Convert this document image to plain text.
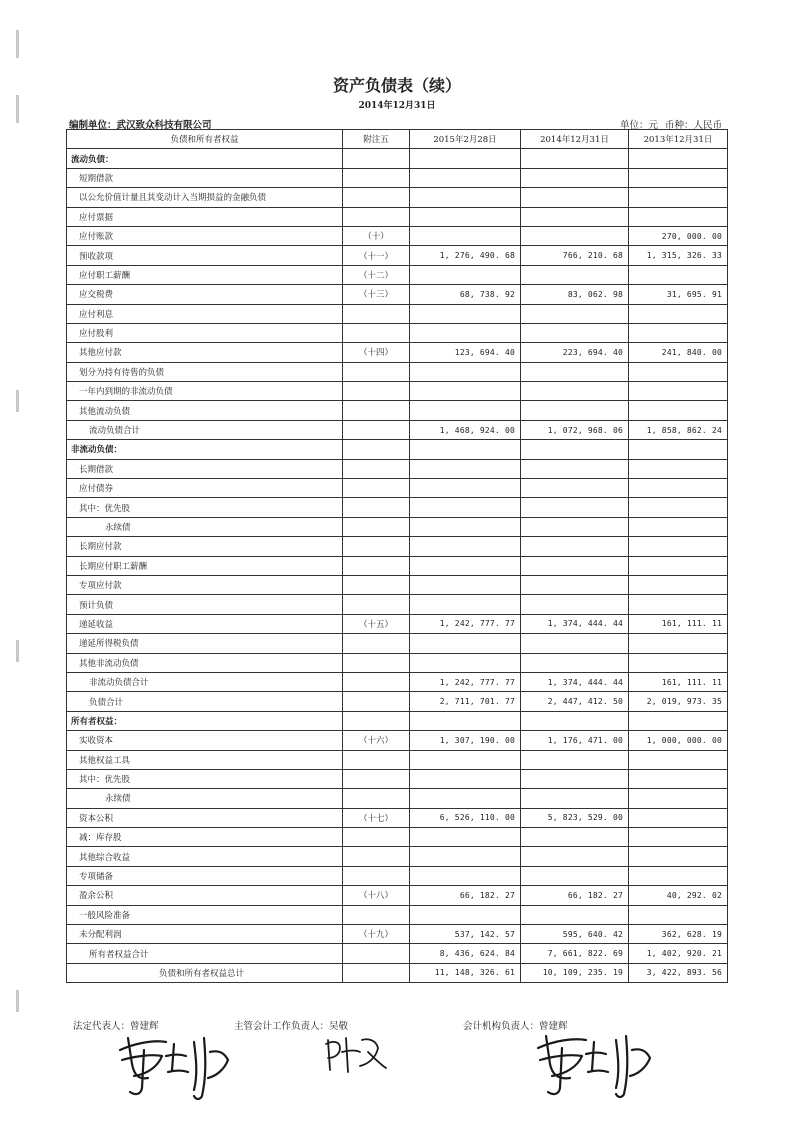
资产负债表（续）
2014年12月31日
编制单位：武汉致众科技有限公司	单位：元 币种：人民币
负债和所有者权益	附注五	2015年2月28日	2014年12月31日	2013年12月31日
流动负债：				
短期借款				
以公允价值计量且其变动计入当期损益的金融负债				
应付票据				
应付账款	（十）			270, 000. 00
预收款项	（十一）	1, 276, 490. 68	766, 210. 68	1, 315, 326. 33
应付职工薪酬	（十二）			
应交税费	（十三）	68, 738. 92	83, 062. 98	31, 695. 91
应付利息				
应付股利				
其他应付款	（十四）	123, 694. 40	223, 694. 40	241, 840. 00
划分为持有待售的负债				
一年内到期的非流动负债				
其他流动负债				
流动负债合计		1, 468, 924. 00	1, 072, 968. 06	1, 858, 862. 24
非流动负债：				
长期借款				
应付债券				
其中：优先股				
永续债				
长期应付款				
长期应付职工薪酬				
专项应付款				
预计负债				
递延收益	（十五）	1, 242, 777. 77	1, 374, 444. 44	161, 111. 11
递延所得税负债				
其他非流动负债				
非流动负债合计		1, 242, 777. 77	1, 374, 444. 44	161, 111. 11
负债合计		2, 711, 701. 77	2, 447, 412. 50	2, 019, 973. 35
所有者权益：				
实收资本	（十六）	1, 307, 190. 00	1, 176, 471. 00	1, 000, 000. 00
其他权益工具				
其中：优先股				
永续债				
资本公积	（十七）	6, 526, 110. 00	5, 823, 529. 00	
减：库存股				
其他综合收益				
专项储备				
盈余公积	（十八）	66, 182. 27	66, 182. 27	40, 292. 02
一般风险准备				
未分配利润	（十九）	537, 142. 57	595, 640. 42	362, 628. 19
所有者权益合计		8, 436, 624. 84	7, 661, 822. 69	1, 402, 920. 21
负债和所有者权益总计		11, 148, 326. 61	10, 109, 235. 19	3, 422, 893. 56
法定代表人：曾建辉	主管会计工作负责人：吴敬	会计机构负责人：曾建辉
